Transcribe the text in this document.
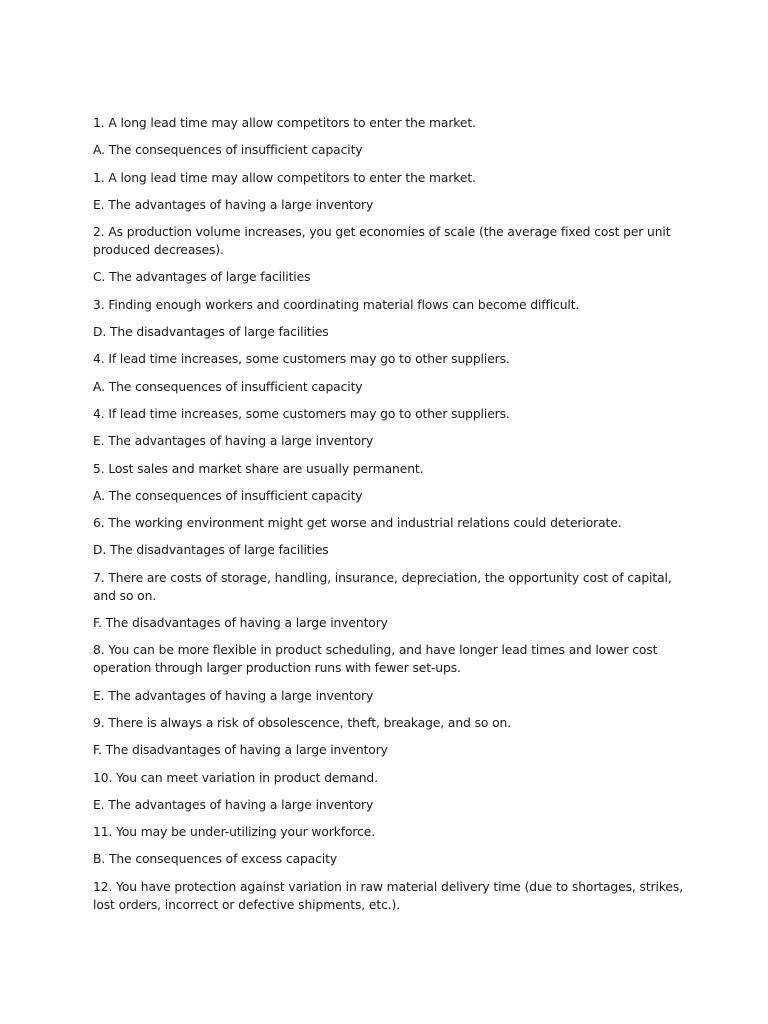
1. A long lead time may allow competitors to enter the market.

A. The consequences of insufficient capacity

1. A long lead time may allow competitors to enter the market.

E. The advantages of having a large inventory

2. As production volume increases, you get economies of scale (the average fixed cost per unit produced decreases).

C. The advantages of large facilities

3. Finding enough workers and coordinating material flows can become difficult.

D. The disadvantages of large facilities

4. If lead time increases, some customers may go to other suppliers.

A. The consequences of insufficient capacity

4. If lead time increases, some customers may go to other suppliers.

E. The advantages of having a large inventory

5. Lost sales and market share are usually permanent.

A. The consequences of insufficient capacity

6. The working environment might get worse and industrial relations could deteriorate.

D. The disadvantages of large facilities

7. There are costs of storage, handling, insurance, depreciation, the opportunity cost of capital, and so on.

F. The disadvantages of having a large inventory

8. You can be more flexible in product scheduling, and have longer lead times and lower cost operation through larger production runs with fewer set-ups.

E. The advantages of having a large inventory

9. There is always a risk of obsolescence, theft, breakage, and so on.

F. The disadvantages of having a large inventory

10. You can meet variation in product demand.

E. The advantages of having a large inventory

11. You may be under-utilizing your workforce.

B. The consequences of excess capacity

12. You have protection against variation in raw material delivery time (due to shortages, strikes, lost orders, incorrect or defective shipments, etc.).
